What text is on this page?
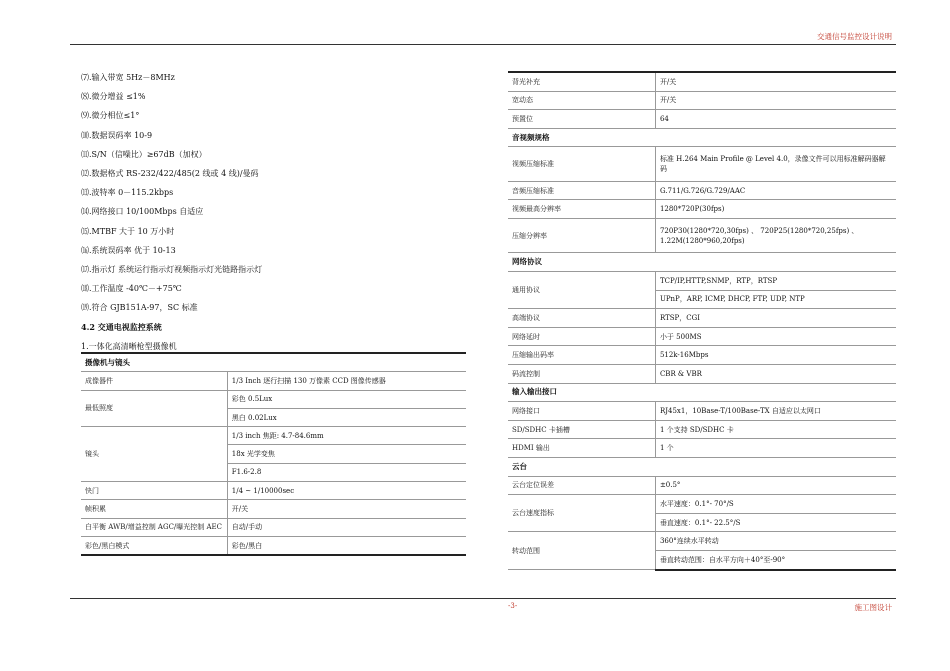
交通信号监控设计说明
⑺.输入带宽 5Hz－8MHz
⑻.微分增益 ≤1%
⑼.微分相位≤1°
⑽.数据误码率 10-9
⑾.S/N（信噪比）≥67dB（加权）
⑿.数据格式 RS-232/422/485(2 线或 4 线)/曼码
⒀.波特率 0－115.2kbps
⒁.网络接口 10/100Mbps 自适应
⒂.MTBF 大于 10 万小时
⒃.系统误码率 优于 10-13
⒄.指示灯 系统运行指示灯视频指示灯光链路指示灯
⒅.工作温度 -40℃－+75℃
⒆.符合 GJB151A-97，SC 标准
4.2 交通电视监控系统
1.一体化高清晰枪型摄像机
摄像机与镜头	
成像器件	1/3 Inch 逐行扫描 130 万像素 CCD 图像传感器
最低照度	彩色 0.5Lux
	黑白 0.02Lux
镜头	1/3 inch 焦距: 4.7-84.6mm
	18x 光学变焦
	F1.6-2.8
快门	1/4 ~ 1/10000sec
帧积累	开/关
白平衡 AWB/增益控制 AGC/曝光控制 AEC	自动/手动
彩色/黑白模式	彩色/黑白
背光补充	开/关
宽动态	开/关
预置位	64
音视频规格	
视频压缩标准	标准 H.264 Main Profile @ Level 4.0，录像文件可以用标准解码器解码
音频压缩标准	G.711/G.726/G.729/AAC
视频最高分辨率	1280*720P(30fps)
压缩分辨率	720P30(1280*720,30fps) 、 720P25(1280*720,25fps) 、 1.22M(1280*960,20fps)
网络协议	
通用协议	TCP/IP,HTTP,SNMP，RTP，RTSP
	UPnP，ARP, ICMP, DHCP, FTP, UDP, NTP
高端协议	RTSP，CGI
网络延时	小于 500MS
压缩输出码率	512k-16Mbps
码流控制	CBR & VBR
输入输出接口	
网络接口	RJ45x1，10Base-T/100Base-TX 自适应以太网口
SD/SDHC 卡插槽	1 个支持 SD/SDHC 卡
HDMI 输出	1 个
云台	
云台定位误差	±0.5°
云台速度指标	水平速度：0.1°- 70°/S
	垂直速度：0.1°- 22.5°/S
转动范围	360°连续水平转动
	垂直转动范围：自水平方向＋40°至-90°
-3-	施工图设计
